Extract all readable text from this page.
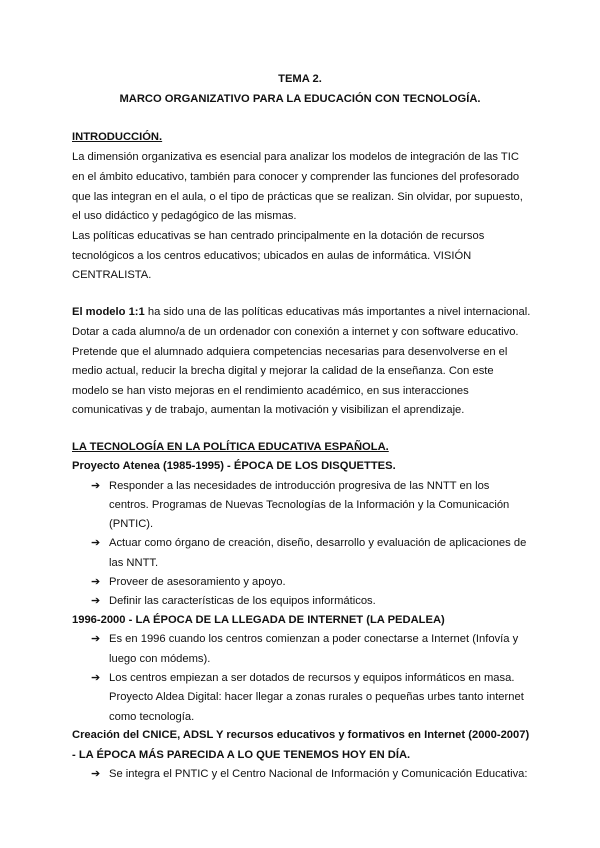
TEMA 2.
MARCO ORGANIZATIVO PARA LA EDUCACIÓN CON TECNOLOGÍA.
INTRODUCCIÓN.
La dimensión organizativa es esencial para analizar los modelos de integración de las TIC
en el ámbito educativo, también para conocer y comprender las funciones del profesorado
que las integran en el aula, o el tipo de prácticas que se realizan. Sin olvidar, por supuesto,
el uso didáctico y pedagógico de las mismas.
Las políticas educativas se han centrado principalmente en la dotación de recursos
tecnológicos a los centros educativos; ubicados en aulas de informática. VISIÓN
CENTRALISTA.
El modelo 1:1 ha sido una de las políticas educativas más importantes a nivel internacional.
Dotar a cada alumno/a de un ordenador con conexión a internet y con software educativo.
Pretende que el alumnado adquiera competencias necesarias para desenvolverse en el
medio actual, reducir la brecha digital y mejorar la calidad de la enseñanza. Con este
modelo se han visto mejoras en el rendimiento académico, en sus interacciones
comunicativas y de trabajo, aumentan la motivación y visibilizan el aprendizaje.
LA TECNOLOGÍA EN LA POLÍTICA EDUCATIVA ESPAÑOLA.
Proyecto Atenea (1985-1995) - ÉPOCA DE LOS DISQUETTES.
➔ Responder a las necesidades de introducción progresiva de las NNTT en los
centros. Programas de Nuevas Tecnologías de la Información y la Comunicación
(PNTIC).
➔ Actuar como órgano de creación, diseño, desarrollo y evaluación de aplicaciones de
las NNTT.
➔ Proveer de asesoramiento y apoyo.
➔ Definir las características de los equipos informáticos.
1996-2000 - LA ÉPOCA DE LA LLEGADA DE INTERNET (LA PEDALEA)
➔ Es en 1996 cuando los centros comienzan a poder conectarse a Internet (Infovía y
luego con módems).
➔ Los centros empiezan a ser dotados de recursos y equipos informáticos en masa.
Proyecto Aldea Digital: hacer llegar a zonas rurales o pequeñas urbes tanto internet
como tecnología.
Creación del CNICE, ADSL Y recursos educativos y formativos en Internet (2000-2007)
- LA ÉPOCA MÁS PARECIDA A LO QUE TENEMOS HOY EN DÍA.
➔ Se integra el PNTIC y el Centro Nacional de Información y Comunicación Educativa:
